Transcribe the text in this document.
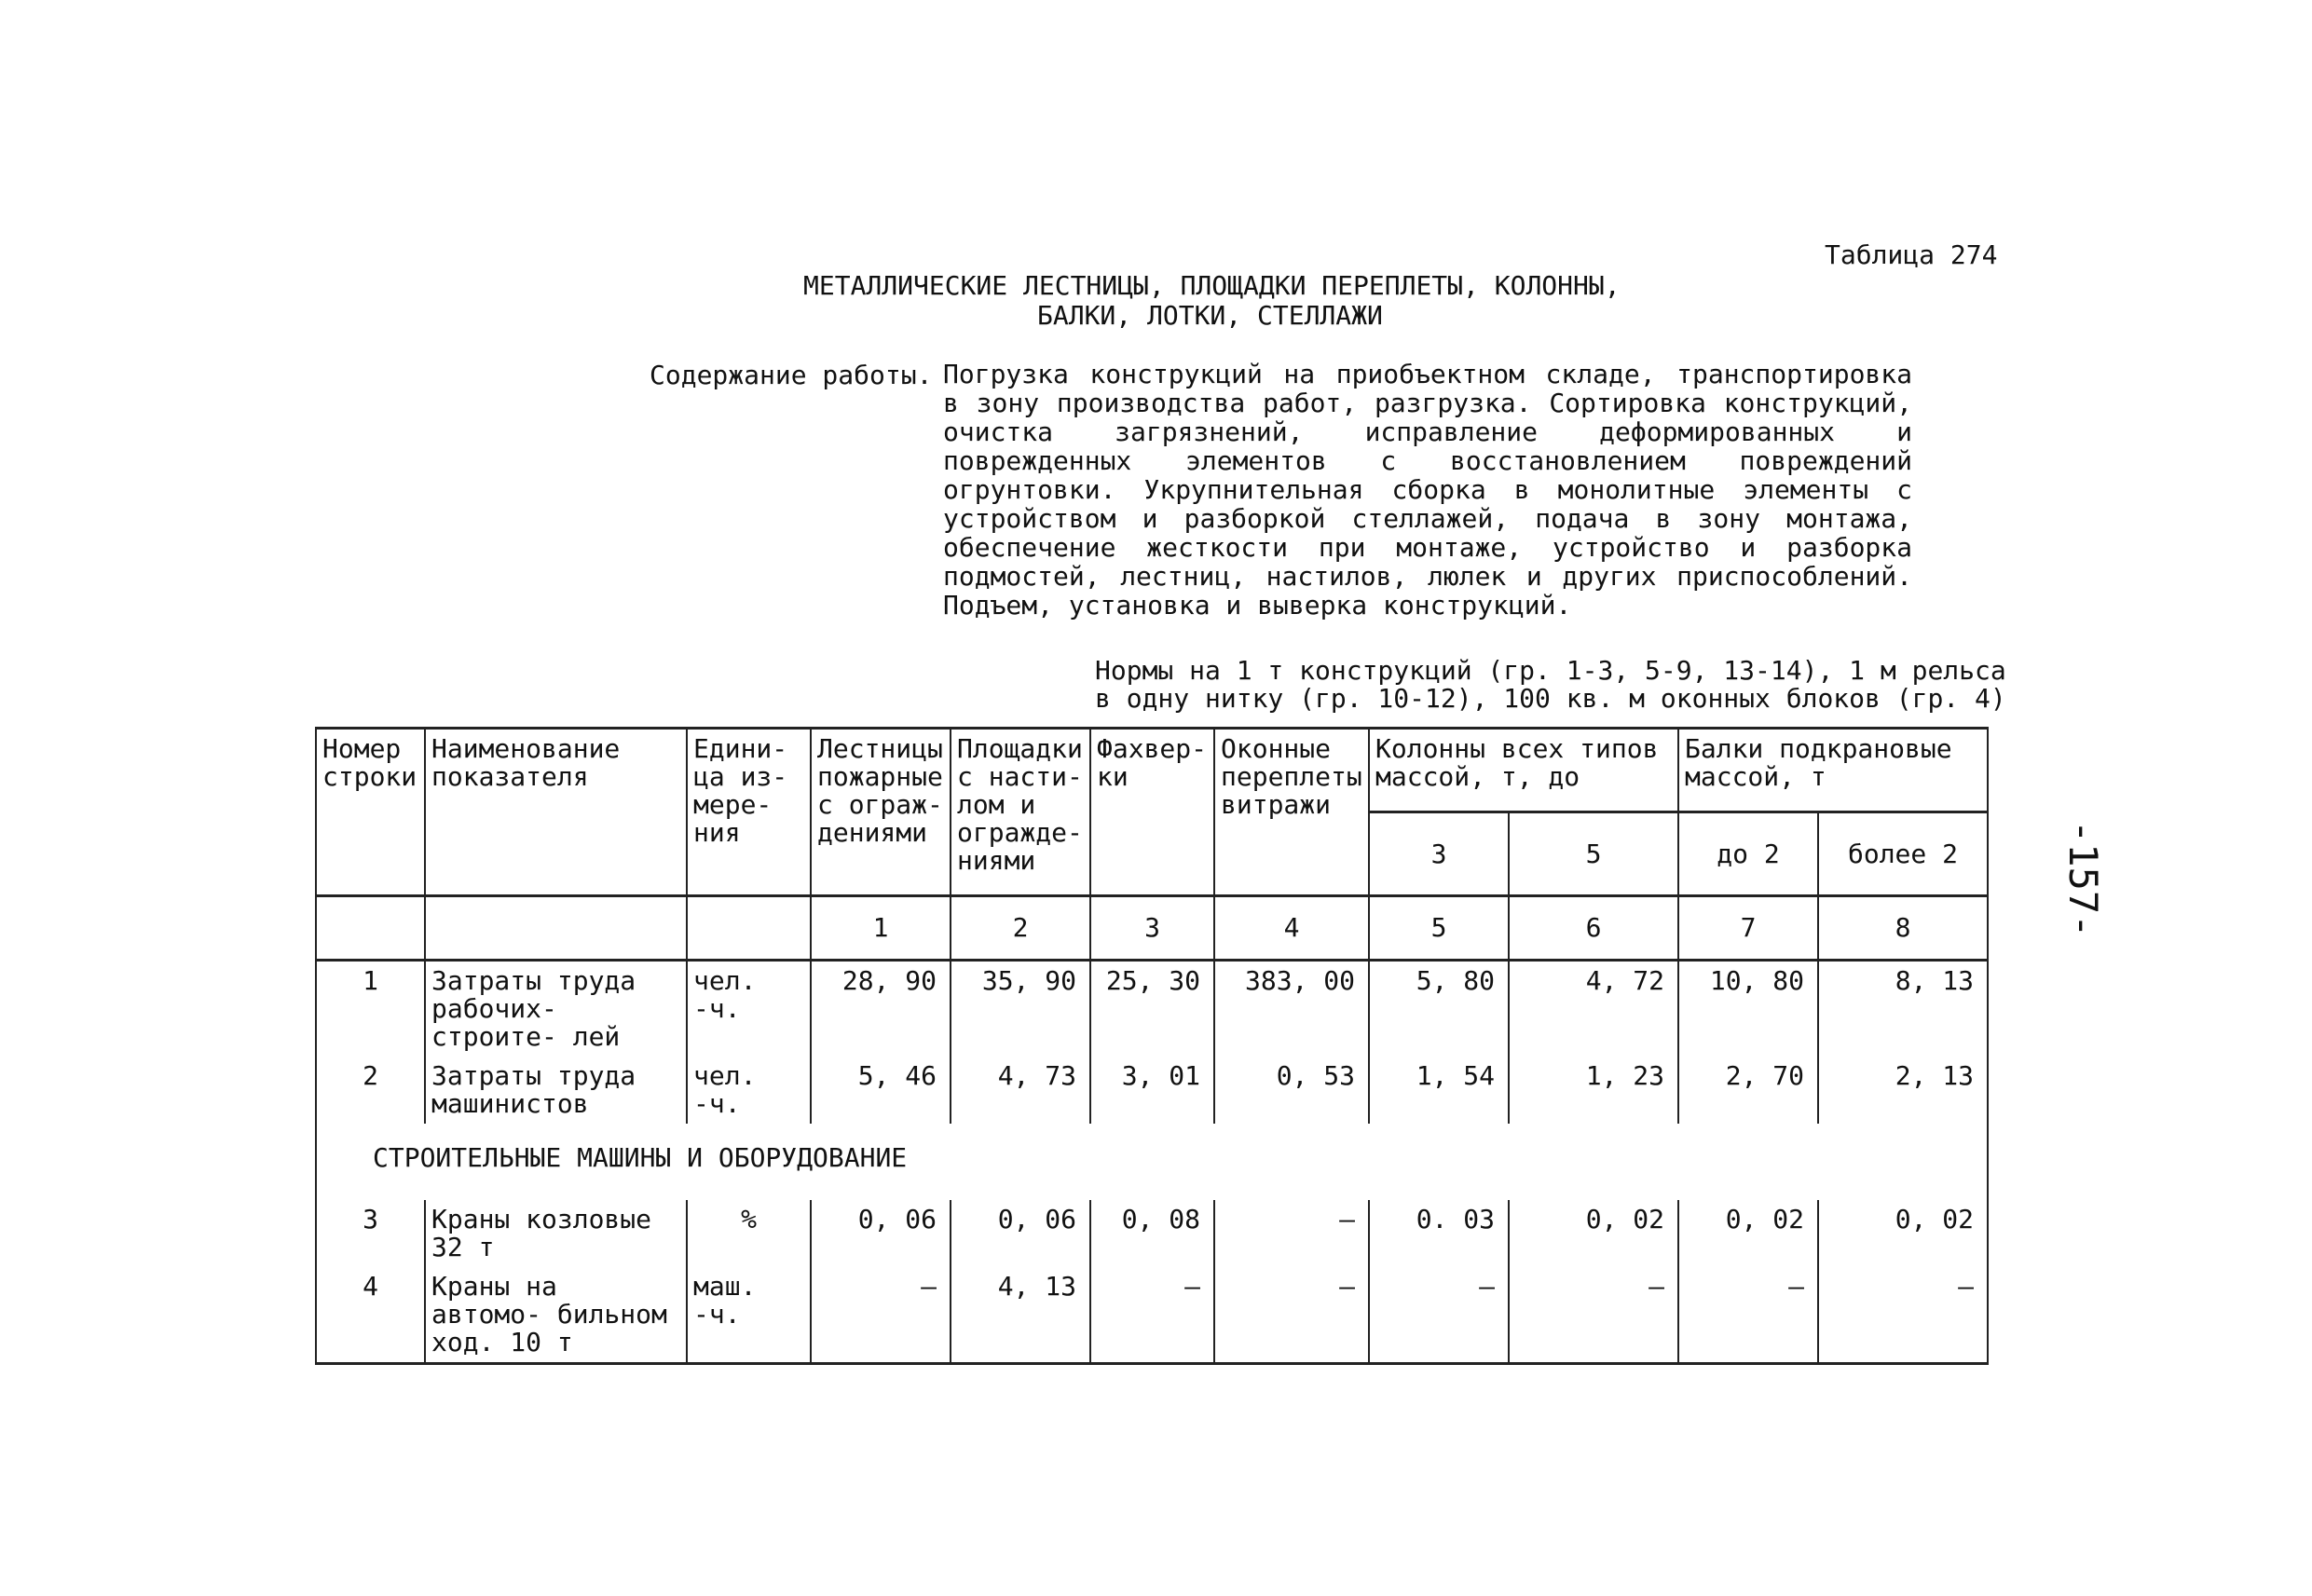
Таблица 274
МЕТАЛЛИЧЕСКИЕ ЛЕСТНИЦЫ, ПЛОЩАДКИ ПЕРЕПЛЕТЫ, КОЛОННЫ,
БАЛКИ, ЛОТКИ, СТЕЛЛАЖИ
Содержание работы. Погрузка конструкций на приобъектном складе, транспортировка в зону производства работ, разгрузка. Сортировка конструкций, очистка загрязнений, исправление деформированных и поврежденных элементов с восстановлением повреждений огрунтовки. Укрупнительная сборка в монолитные элементы с устройством и разборкой стеллажей, подача в зону монтажа, обеспечение жесткости при монтаже, устройство и разборка подмостей, лестниц, настилов, люлек и других приспособлений. Подъем, установка и выверка конструкций.
Нормы на 1 т конструкций (гр. 1-3, 5-9, 13-14), 1 м рельса
в одну нитку (гр. 10-12), 100 кв. м оконных блоков (гр. 4)
-157-
Номер строки	Наименование показателя	Едини- ца из- мере- ния	Лестницы пожарные с ограж- дениями	Площадки с насти- лом и огражде- ниями	Фахвер- ки	Оконные переплеты витражи	Колонны всех типов массой, т, до		Балки подкрановые массой, т	
							3	5	до 2	более 2
			1	2	3	4	5	6	7	8
1	Затраты труда рабочих-строите- лей	чел. -ч.	28, 90	35, 90	25, 30	383, 00	5, 80	4, 72	10, 80	8, 13
2	Затраты труда машинистов	чел. -ч.	5, 46	4, 73	3, 01	0, 53	1, 54	1, 23	2, 70	2, 13
СТРОИТЕЛЬНЫЕ МАШИНЫ И ОБОРУДОВАНИЕ										
3	Краны козловые 32 т	%	0, 06	0, 06	0, 08	–	0. 03	0, 02	0, 02	0, 02
4	Краны на автомо- бильном ход. 10 т	маш. -ч.	–	4, 13	–	–	–	–	–	–
